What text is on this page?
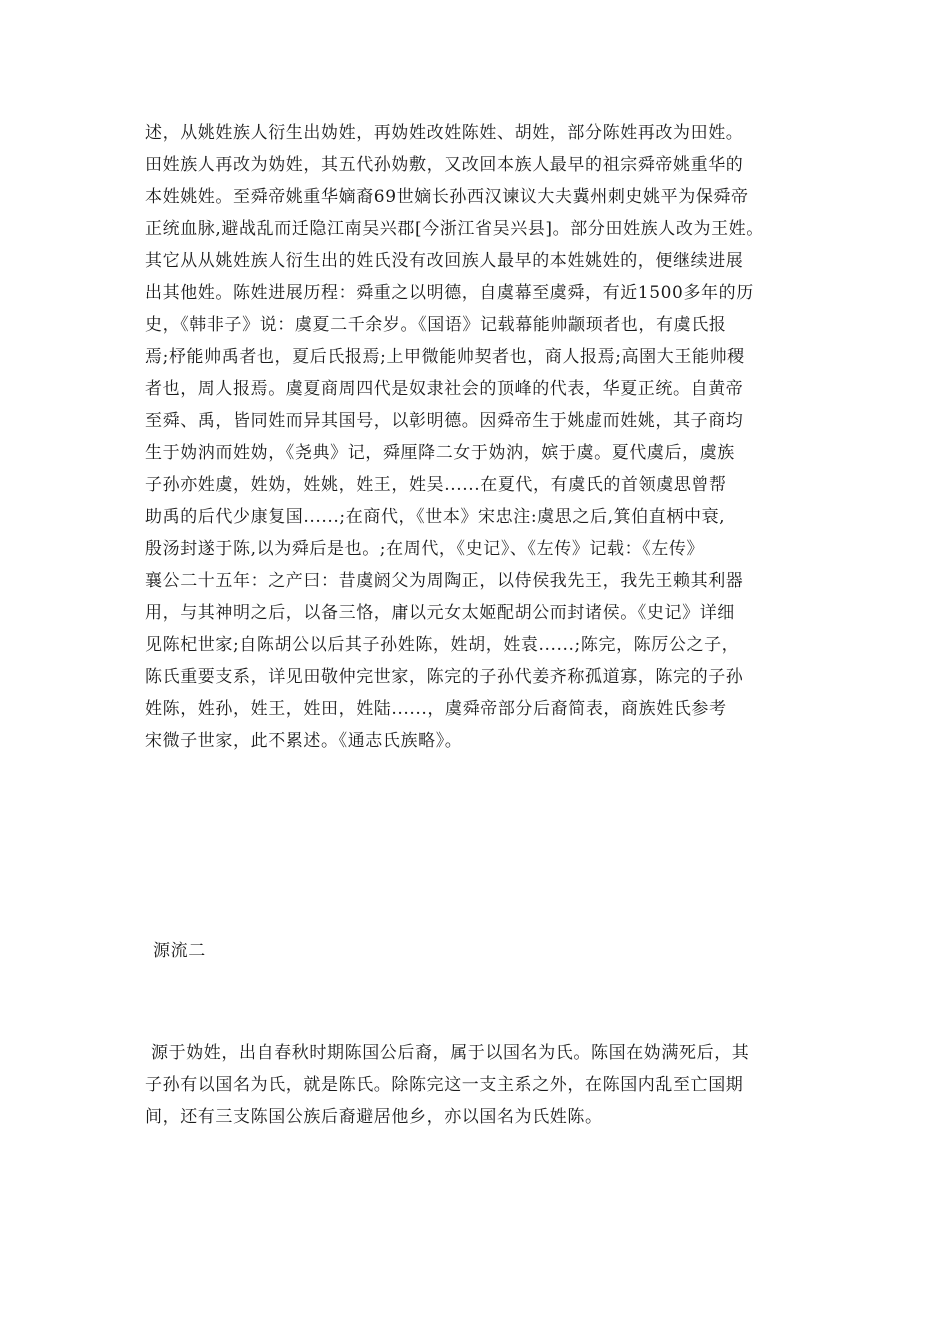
述，从姚姓族人衍生出妫姓，再妫姓改姓陈姓、胡姓，部分陈姓再改为田姓。
田姓族人再改为妫姓，其五代孙妫敷，又改回本族人最早的祖宗舜帝姚重华的
本姓姚姓。至舜帝姚重华嫡裔69世嫡长孙西汉谏议大夫冀州刺史姚平为保舜帝
正统血脉,避战乱而迁隐江南吴兴郡[今浙江省吴兴县]。部分田姓族人改为王姓。
其它从从姚姓族人衍生出的姓氏没有改回族人最早的本姓姚姓的，便继续进展
出其他姓。陈姓进展历程：舜重之以明德，自虞幕至虞舜，有近1500多年的历
史，《韩非子》说：虞夏二千余岁。《国语》记载幕能帅颛顼者也，有虞氏报
焉;杼能帅禹者也，夏后氏报焉;上甲微能帅契者也，商人报焉;高圉大王能帅稷
者也，周人报焉。虞夏商周四代是奴隶社会的顶峰的代表，华夏正统。自黄帝
至舜、禹，皆同姓而异其国号，以彰明德。因舜帝生于姚虚而姓姚，其子商均
生于妫汭而姓妫，《尧典》记，舜厘降二女于妫汭，嫔于虞。夏代虞后，虞族
子孙亦姓虞，姓妫，姓姚，姓王，姓吴......在夏代，有虞氏的首领虞思曾帮
助禹的后代少康复国......;在商代，《世本》宋忠注:虞思之后,箕伯直柄中衰,
殷汤封遂于陈,以为舜后是也。;在周代，《史记》、《左传》记载：《左传》
襄公二十五年：之产曰：昔虞阏父为周陶正，以侍侯我先王，我先王赖其利器
用，与其神明之后，以备三恪，庸以元女太姬配胡公而封诸侯。《史记》详细
见陈杞世家;自陈胡公以后其子孙姓陈，姓胡，姓袁......;陈完，陈厉公之子，
陈氏重要支系，详见田敬仲完世家，陈完的子孙代姜齐称孤道寡，陈完的子孙
姓陈，姓孙，姓王，姓田，姓陆......，虞舜帝部分后裔简表，商族姓氏参考
宋微子世家，此不累述。《通志氏族略》。
源流二
源于妫姓，出自春秋时期陈国公后裔，属于以国名为氏。陈国在妫满死后，其
子孙有以国名为氏，就是陈氏。除陈完这一支主系之外，在陈国内乱至亡国期
间，还有三支陈国公族后裔避居他乡，亦以国名为氏姓陈。
